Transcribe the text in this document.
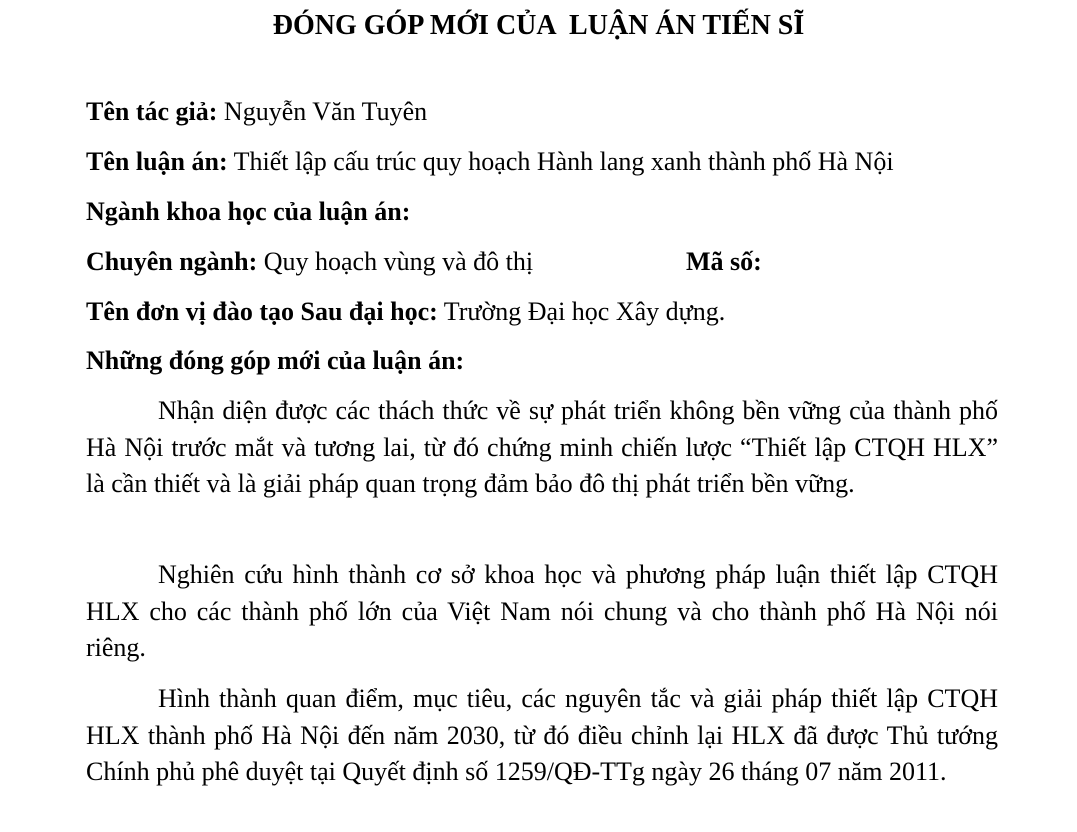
ĐÓNG GÓP MỚI CỦA  LUẬN ÁN TIẾN SĨ
Tên tác giả: Nguyễn Văn Tuyên
Tên luận án: Thiết lập cấu trúc quy hoạch Hành lang xanh thành phố Hà Nội
Ngành khoa học của luận án:
Chuyên ngành: Quy hoạch vùng và đô thị	Mã số:
Tên đơn vị đào tạo Sau đại học: Trường Đại học Xây dựng.
Những đóng góp mới của luận án:

Nhận diện được các thách thức về sự phát triển không bền vững của thành phố Hà Nội trước mắt và tương lai, từ đó chứng minh chiến lược “Thiết lập CTQH HLX” là cần thiết và là giải pháp quan trọng đảm bảo đô thị phát triển bền vững.

Nghiên cứu hình thành cơ sở khoa học và phương pháp luận thiết lập CTQH HLX cho các thành phố lớn của Việt Nam nói chung và cho thành phố Hà Nội nói riêng.

Hình thành quan điểm, mục tiêu, các nguyên tắc và giải pháp thiết lập CTQH HLX thành phố Hà Nội đến năm 2030, từ đó điều chỉnh lại HLX đã được Thủ tướng Chính phủ phê duyệt tại Quyết định số 1259/QĐ-TTg ngày 26 tháng 07 năm 2011.
